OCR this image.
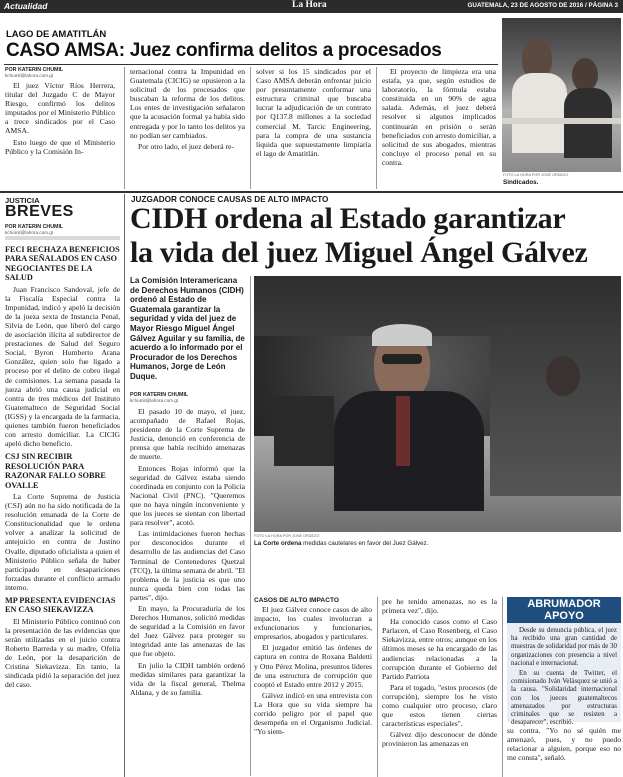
Actualidad	La Hora	GUATEMALA, 23 DE AGOSTO DE 2016 / PÁGINA 3
LAGO DE AMATITLÁN
CASO AMSA: Juez confirma delitos a procesados
POR KATERIN CHUMIL
kchumil@lahora.com.gt

El juez Víctor Ríos Herrera, titular del Juzgado C de Mayor Riesgo, confirmó los delitos imputados por el Ministerio Público a trece sindicados por el Caso AMSA.

Esto luego de que el Ministerio Público y la Comisión In-

ternacional contra la Impunidad en Guatemala (CICIG) se opusieron a la solicitud de los procesados que buscaban la reforma de los delitos. Los entes de investigación señalaron que la acusación formal ya había sido entregada y por lo tanto los delitos ya no podían ser cambiados.

Por otro lado, el juez deberá re-

solver si los 15 sindicados por el Caso AMSA deberán enfrentar juicio por presuntamente conformar una estructura criminal que buscaba lucrar la adjudicación de un contrato por Q137.8 millones a la sociedad comercial M. Tarcic Engineering, para la compra de una sustancia líquida que supuestamente limpiaría el lago de Amatitlán.

El proyecto de limpieza era una estafa, ya que, según estudios de laboratorio, la fórmula estaba constituida en un 90% de agua salada. Además, el juez deberá resolver si algunos implicados continuarán en prisión o serán beneficiados con arresto domiciliar, a solicitud de sus abogados, mientras concluye el proceso penal en su contra.

FOTO LA HORA POR JOSÉ ORDEZO
Sindicados.
JUSTICIA
BREVES
POR KATERIN CHUMIL
kchumil@lahora.com.gt
FECI RECHAZA BENEFICIOS PARA SEÑALADOS EN CASO NEGOCIANTES DE LA SALUD

Juan Francisco Sandoval, jefe de la Fiscalía Especial contra la Impunidad, indicó y apeló la decisión de la jueza sexta de Instancia Penal, Silvia de León, que liberó del cargo de asociación ilícita al subdirector de prestaciones de Salud del Seguro Social, Byron Humberto Arana González, quien solo fue ligado a proceso por el delito de cobro ilegal de comisiones. La semana pasada la jueza abrió una causa judicial en contra de tres médicos del Instituto Guatemalteco de Seguridad Social (IGSS) y la encargada de la farmacia, quienes también fueron beneficiados con arresto domiciliar. La CICIG apeló dicho beneficio.

CSJ SIN RECIBIR RESOLUCIÓN PARA RAZONAR FALLO SOBRE OVALLE

La Corte Suprema de Justicia (CSJ) aún no ha sido notificada de la resolución emanada de la Corte de Constitucionalidad que le ordena volver a analizar la solicitud de antejuicio en contra de Justino Ovalle, diputado oficialista a quien el Ministerio Público señala de haber participado en desapariciones forzadas durante el conflicto armado interno.

MP PRESENTA EVIDENCIAS EN CASO SIEKAVIZZA

El Ministerio Público continuó con la presentación de las evidencias que serán utilizadas en el juicio contra Roberto Barreda y su madre, Ofelia de León, por la desaparición de Cristina Siekavizza. En tanto, la sindicada pidió la separación del juez del caso.

JUZGADOR CONOCE CAUSAS DE ALTO IMPACTO
CIDH ordena al Estado garantizar
la vida del juez Miguel Ángel Gálvez
La Comisión Interamericana de Derechos Humanos (CIDH) ordenó al Estado de Guatemala garantizar la seguridad y vida del juez de Mayor Riesgo Miguel Ángel Gálvez Aguilar y su familia, de acuerdo a lo informado por el Procurador de los Derechos Humanos, Jorge de León Duque.
POR KATERIN CHUMIL
kchumil@lahora.com.gt

El pasado 10 de mayo, el juez, acompañado de Rafael Rojas, presidente de la Corte Suprema de Justicia, denunció en conferencia de prensa que había recibido amenazas de muerte.

Entonces Rojas informó que la seguridad de Gálvez estaba siendo coordinada en conjunto con la Policía Nacional Civil (PNC). "Queremos que no haya ningún inconveniente y que los jueces se sientan con libertad para resolver", acotó.

Las intimidaciones fueron hechas por desconocidos durante el desarrollo de las audiencias del Caso Terminal de Contenedores Quetzal (TCQ), la última semana de abril. "El problema de la justicia es que uno nunca queda bien con todas las partes", dijo.

En mayo, la Procuraduría de los Derechos Humanos, solicitó medidas de seguridad a la Comisión en favor del Juez Gálvez para proteger su integridad ante las amenazas de las que fue objeto.

En julio la CIDH también ordenó medidas similares para garantizar la vida de la fiscal general, Thelma Aldana, y de su familia.

FOTO LA HORA POR JOSÉ ORDEZO
La Corte ordena medidas cautelares en favor del Juez Gálvez.
CASOS DE ALTO IMPACTO

El juez Gálvez conoce casos de alto impacto, los cuales involucran a exfuncionarios y funcionarios, empresarios, abogados y particulares.

El juzgador emitió las órdenes de captura en contra de Roxana Baldetti y Otto Pérez Molina, presuntos líderes de una estructura de corrupción que cooptó el Estado entre 2012 y 2015.

Gálvez indicó en una entrevista con La Hora que su vida siempre ha corrido peligro por el papel que desempeña en el Organismo Judicial. "Yo siem-

pre he tenido amenazas, no es la primera vez", dijo.

Ha conocido casos como el Caso Parlacen, el Caso Rosenberg, el Caso Siekavizza, entre otros; aunque en los últimos meses se ha encargado de las audiencias relacionadas a la corrupción durante el Gobierno del Partido Patriota

Para el togado, "estos procesos (de corrupción), siempre los he visto como cualquier otro proceso, claro que estos tienen ciertas características especiales".

Gálvez dijo desconocer de dónde provinieron las amenazas en

ABRUMADOR
APOYO

Desde su denuncia pública, el juez ha recibido una gran cantidad de muestras de solidaridad por más de 30 organizaciones con presencia a nivel nacional e internacional.

En su cuenta de Twitter, el comisionado Iván Velásquez se unió a la causa. "Solidaridad internacional con los jueces guatemaltecos amenazados por estructuras criminales que se resisten a desaparecer", escribió.

su contra. "Yo no sé quién me amenazó, pues, y no puedo relacionar a alguien, porque eso no me consta", señaló.
